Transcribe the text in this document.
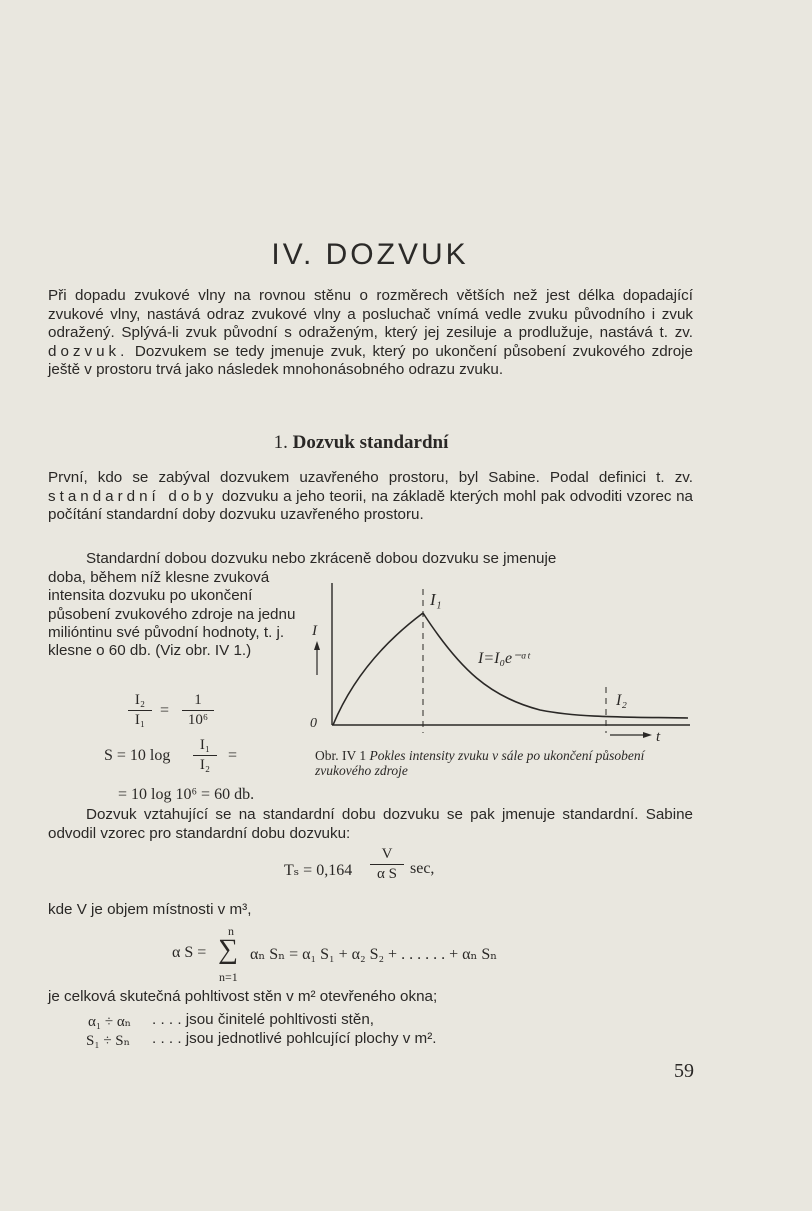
IV. DOZVUK
Při dopadu zvukové vlny na rovnou stěnu o rozměrech větších než jest délka dopadající zvukové vlny, nastává odraz zvukové vlny a posluchač vnímá vedle zvuku původního i zvuk odražený. Splývá-li zvuk původní s odraženým, který jej zesiluje a prodlužuje, nastává t. zv. dozvuk. Dozvukem se tedy jmenuje zvuk, který po ukončení působení zvukového zdroje ještě v prostoru trvá jako následek mnohonásobného odrazu zvuku.
1. Dozvuk standardní
První, kdo se zabýval dozvukem uzavřeného prostoru, byl Sabine. Podal definici t. zv. standardní doby dozvuku a jeho teorii, na základě kterých mohl pak odvoditi vzorec na počítání standardní doby dozvuku uzavřeného prostoru.
Standardní dobou dozvuku nebo zkráceně dobou dozvuku se jmenuje
doba, během níž klesne zvuková intensita dozvuku po ukončení působení zvukového zdroje na jednu milióntinu své původní hodnoty, t. j. klesne o 60 db. (Viz obr. IV 1.)
I₂
I₁
=
1
10⁶
S = 10 log
I₁
I₂
=
= 10 log 10⁶ = 60 db.
I
0
t
I₁
I₂
I=I₀e⁻ᵅᵗ
Obr. IV 1 Pokles intensity zvuku v sále po ukončení působení zvukového zdroje
Dozvuk vztahující se na standardní dobu dozvuku se pak jmenuje standardní. Sabine odvodil vzorec pro standardní dobu dozvuku:
Tₛ = 0,164
V
α S sec,
kde V je objem místnosti v m³,
α S =
n
∑
n=1
αₙ Sₙ = α₁ S₁ + α₂ S₂ + . . . . . . + αₙ Sₙ
je celková skutečná pohltivost stěn v m² otevřeného okna;
α₁ ÷ αₙ . . . . jsou činitelé pohltivosti stěn,
S₁ ÷ Sₙ . . . . jsou jednotlivé pohlcující plochy v m².
59
